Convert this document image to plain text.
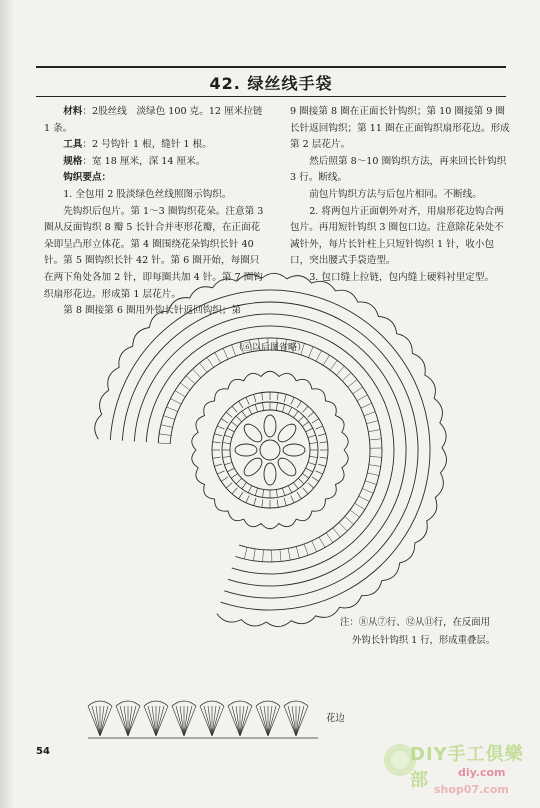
42. 绿丝线手袋

材料：2股丝线　淡绿色 100 克。12 厘米拉链 1 条。

工具：2 号钩针 1 根，缝针 1 根。

规格：宽 18 厘米，深 14 厘米。

钩织要点：

1. 全包用 2 股淡绿色丝线照图示钩织。

先钩织后包片。第 1～3 圈钩织花朵。注意第 3 圈从反面钩织 8 瓣 5 长针合并枣形花瓣，在正面花朵即呈凸形立体花。第 4 圈围绕花朵钩织长针 40 针。第 5 圈钩织长针 42 针。第 6 圈开始，每圈只在两下角处各加 2 针，即每圈共加 4 针。第 7 圈钩织扇形花边。形成第 1 层花片。

第 8 圈接第 6 圈用外钩长针返回钩织；第

9 圈接第 8 圈在正面长针钩织；第 10 圈接第 9 圈长针返回钩织；第 11 圈在正面钩织扇形花边。形成第 2 层花片。

然后照第 8～10 圈钩织方法，再来回长针钩织 3 行。断线。

前包片钩织方法与后包片相同。不断线。

2. 将两包片正面朝外对齐，用扇形花边钩合两包片。再用短针钩织 3 圈包口边。注意除花朵处不减针外，每片长针柱上只短针钩织 1 针，收小包口，突出腰式手袋造型。

3. 包口缝上拉链，包内缝上硬料衬里定型。

（⑥以后图省略）
注：⑧从⑦行、⑫从⑪行，在反面用
外钩长针钩织 1 行，形成重叠层。
花边
54	DIY手工俱樂部	diy.com
shop07.com
